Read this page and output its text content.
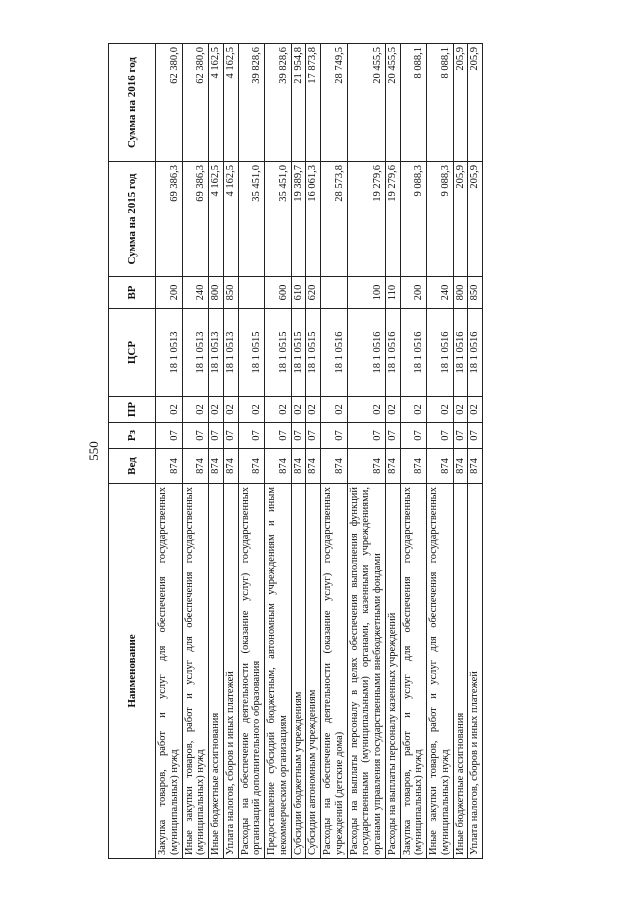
550
Наименование	Вед	Рз	ПР	ЦСР	ВР	Сумма на 2015 год	Сумма на 2016 год
Закупка товаров, работ и услуг для обеспечения государственных (муниципальных) нужд	874	07	02	18 1 0513	200	69 386,3	62 380,0
Иные закупки товаров, работ и услуг для обеспечения государственных (муниципальных) нужд	874	07	02	18 1 0513	240	69 386,3	62 380,0
Иные бюджетные ассигнования	874	07	02	18 1 0513	800	4 162,5	4 162,5
Уплата налогов, сборов и иных платежей	874	07	02	18 1 0513	850	4 162,5	4 162,5
Расходы на обеспечение деятельности (оказание услуг) государственных организаций дополнительного образования	874	07	02	18 1 0515		35 451,0	39 828,6
Предоставление субсидий бюджетным, автономным учреждениям и иным некоммерческим организациям	874	07	02	18 1 0515	600	35 451,0	39 828,6
Субсидии бюджетным учреждениям	874	07	02	18 1 0515	610	19 389,7	21 954,8
Субсидии автономным учреждениям	874	07	02	18 1 0515	620	16 061,3	17 873,8
Расходы на обеспечение деятельности (оказание услуг) государственных учреждений (детские дома)	874	07	02	18 1 0516		28 573,8	28 749,5
Расходы на выплаты персоналу в целях обеспечения выполнения функций государственными (муниципальными) органами, казенными учреждениями, органами управления государственными внебюджетными фондами	874	07	02	18 1 0516	100	19 279,6	20 455,5
Расходы на выплаты персоналу казенных учреждений	874	07	02	18 1 0516	110	19 279,6	20 455,5
Закупка товаров, работ и услуг для обеспечения государственных (муниципальных) нужд	874	07	02	18 1 0516	200	9 088,3	8 088,1
Иные закупки товаров, работ и услуг для обеспечения государственных (муниципальных) нужд	874	07	02	18 1 0516	240	9 088,3	8 088,1
Иные бюджетные ассигнования	874	07	02	18 1 0516	800	205,9	205,9
Уплата налогов, сборов и иных платежей	874	07	02	18 1 0516	850	205,9	205,9
